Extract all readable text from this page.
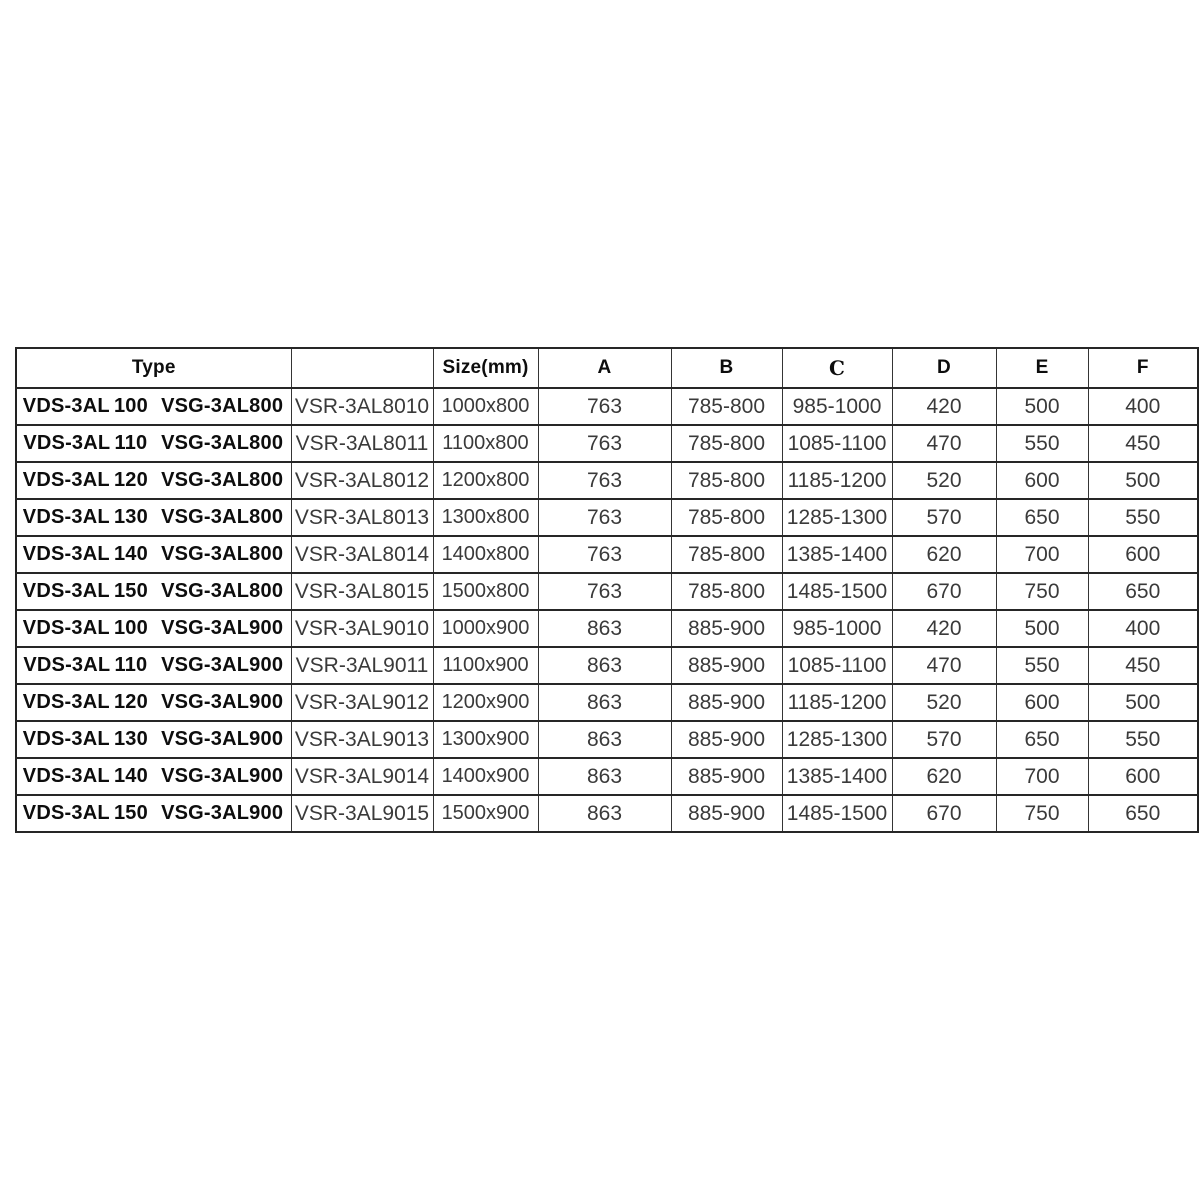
Type		Size(mm)	A	B	C	D	E	F
VDS-3AL 100 VSG-3AL800	VSR-3AL8010	1000x800	763	785-800	985-1000	420	500	400
VDS-3AL 110 VSG-3AL800	VSR-3AL8011	1100x800	763	785-800	1085-1100	470	550	450
VDS-3AL 120 VSG-3AL800	VSR-3AL8012	1200x800	763	785-800	1185-1200	520	600	500
VDS-3AL 130 VSG-3AL800	VSR-3AL8013	1300x800	763	785-800	1285-1300	570	650	550
VDS-3AL 140 VSG-3AL800	VSR-3AL8014	1400x800	763	785-800	1385-1400	620	700	600
VDS-3AL 150 VSG-3AL800	VSR-3AL8015	1500x800	763	785-800	1485-1500	670	750	650
VDS-3AL 100 VSG-3AL900	VSR-3AL9010	1000x900	863	885-900	985-1000	420	500	400
VDS-3AL 110 VSG-3AL900	VSR-3AL9011	1100x900	863	885-900	1085-1100	470	550	450
VDS-3AL 120 VSG-3AL900	VSR-3AL9012	1200x900	863	885-900	1185-1200	520	600	500
VDS-3AL 130 VSG-3AL900	VSR-3AL9013	1300x900	863	885-900	1285-1300	570	650	550
VDS-3AL 140 VSG-3AL900	VSR-3AL9014	1400x900	863	885-900	1385-1400	620	700	600
VDS-3AL 150 VSG-3AL900	VSR-3AL9015	1500x900	863	885-900	1485-1500	670	750	650
